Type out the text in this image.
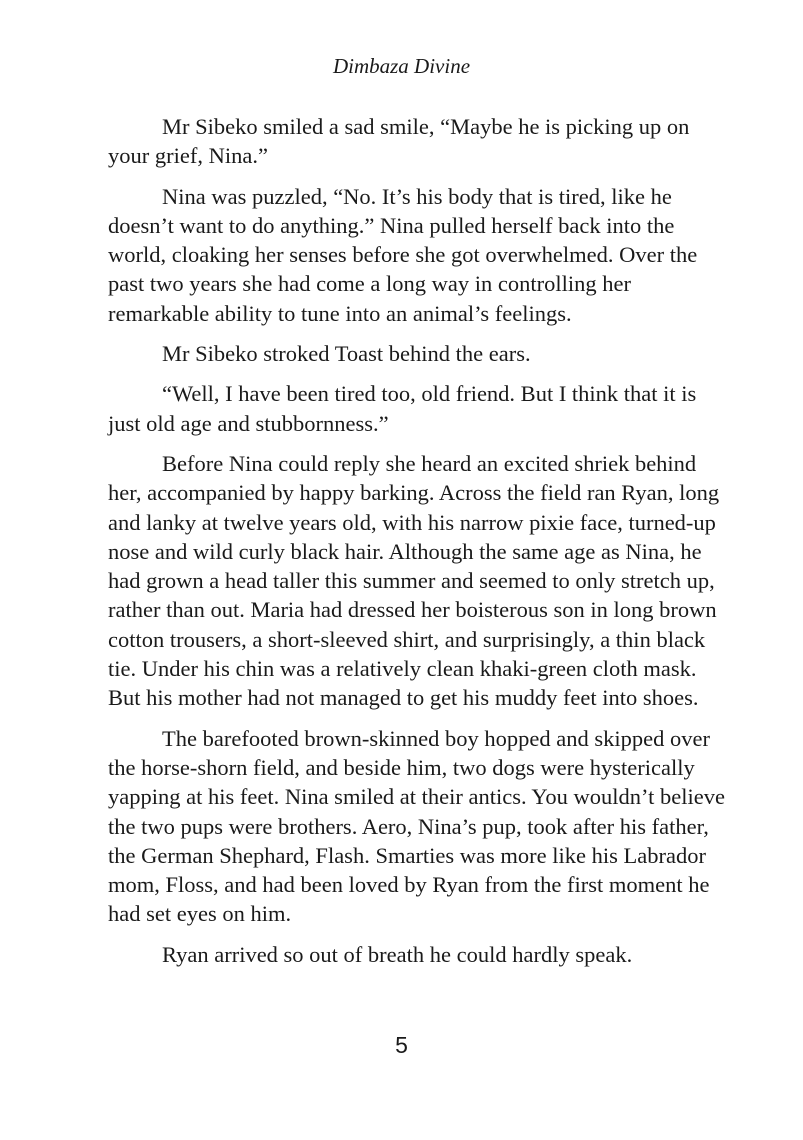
Dimbaza Divine

Mr Sibeko smiled a sad smile, “Maybe he is picking up on your grief, Nina.”

Nina was puzzled, “No. It’s his body that is tired, like he doesn’t want to do anything.” Nina pulled herself back into the world, cloaking her senses before she got overwhelmed. Over the past two years she had come a long way in controlling her remarkable ability to tune into an animal’s feelings.

Mr Sibeko stroked Toast behind the ears.

“Well, I have been tired too, old friend. But I think that it is just old age and stubbornness.”

Before Nina could reply she heard an excited shriek behind her, accompanied by happy barking. Across the field ran Ryan, long and lanky at twelve years old, with his narrow pixie face, turned-up nose and wild curly black hair. Although the same age as Nina, he had grown a head taller this summer and seemed to only stretch up, rather than out. Maria had dressed her boisterous son in long brown cotton trousers, a short-sleeved shirt, and surprisingly, a thin black tie. Under his chin was a relatively clean khaki-green cloth mask. But his mother had not managed to get his muddy feet into shoes.

The barefooted brown-skinned boy hopped and skipped over the horse-shorn field, and beside him, two dogs were hysterically yapping at his feet. Nina smiled at their antics. You wouldn’t believe the two pups were brothers. Aero, Nina’s pup, took after his father, the German Shephard, Flash. Smarties was more like his Labrador mom, Floss, and had been loved by Ryan from the first moment he had set eyes on him.

Ryan arrived so out of breath he could hardly speak.

5
